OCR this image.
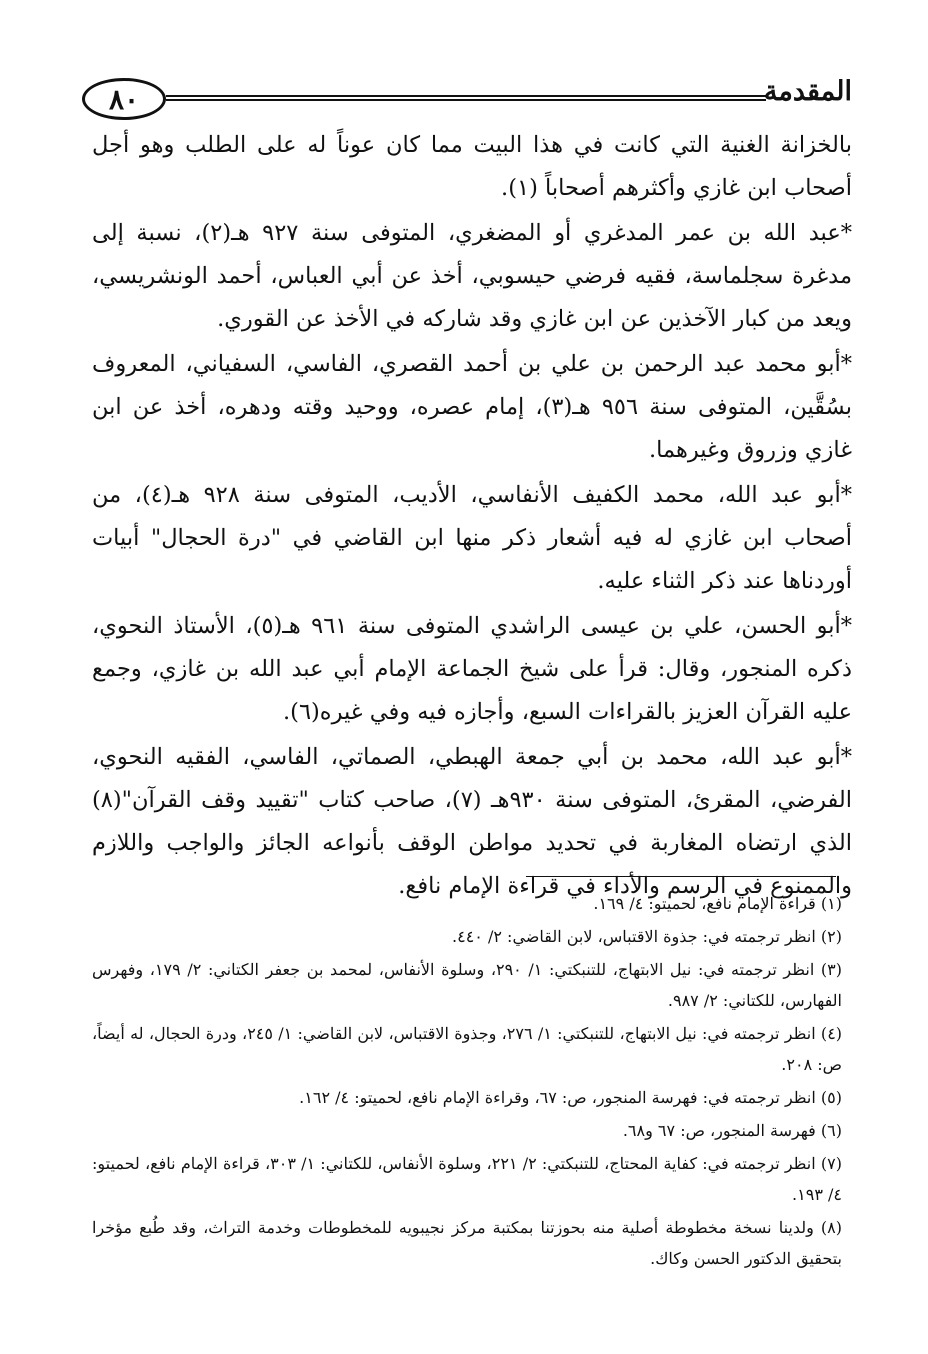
٨٠	المقدمة

بالخزانة الغنية التي كانت في هذا البيت مما كان عوناً له على الطلب وهو أجل أصحاب ابن غازي وأكثرهم أصحاباً (١).

*عبد الله بن عمر المدغري أو المضغري، المتوفى سنة ٩٢٧ هـ(٢)، نسبة إلى مدغرة سجلماسة، فقيه فرضي حيسوبي، أخذ عن أبي العباس، أحمد الونشريسي، ويعد من كبار الآخذين عن ابن غازي وقد شاركه في الأخذ عن القوري.

*أبو محمد عبد الرحمن بن علي بن أحمد القصري، الفاسي، السفياني، المعروف بسُقَّين، المتوفى سنة ٩٥٦ هـ(٣)، إمام عصره، ووحيد وقته ودهره، أخذ عن ابن غازي وزروق وغيرهما.

*أبو عبد الله، محمد الكفيف الأنفاسي، الأديب، المتوفى سنة ٩٢٨ هـ(٤)، من أصحاب ابن غازي له فيه أشعار ذكر منها ابن القاضي في "درة الحجال" أبيات أوردناها عند ذكر الثناء عليه.

*أبو الحسن، علي بن عيسى الراشدي المتوفى سنة ٩٦١ هـ(٥)، الأستاذ النحوي، ذكره المنجور، وقال: قرأ على شيخ الجماعة الإمام أبي عبد الله بن غازي، وجمع عليه القرآن العزيز بالقراءات السبع، وأجازه فيه وفي غيره(٦).

*أبو عبد الله، محمد بن أبي جمعة الهبطي، الصماتي، الفاسي، الفقيه النحوي، الفرضي، المقرئ، المتوفى سنة ٩٣٠هـ (٧)، صاحب كتاب "تقييد وقف القرآن"(٨) الذي ارتضاه المغاربة في تحديد مواطن الوقف بأنواعه الجائز والواجب واللازم والممنوع في الرسم والأداء في قراءة الإمام نافع.

(١) قراءة الإمام نافع، لحميتو: ٤/ ١٦٩.

(٢) انظر ترجمته في: جذوة الاقتباس، لابن القاضي: ٢/ ٤٤٠.

(٣) انظر ترجمته في: نيل الابتهاج، للتنبكتي: ١/ ٢٩٠، وسلوة الأنفاس، لمحمد بن جعفر الكتاني: ٢/ ١٧٩، وفهرس الفهارس، للكتاني: ٢/ ٩٨٧.

(٤) انظر ترجمته في: نيل الابتهاج، للتنبكتي: ١/ ٢٧٦، وجذوة الاقتباس، لابن القاضي: ١/ ٢٤٥، ودرة الحجال، له أيضاً، ص: ٢٠٨.

(٥) انظر ترجمته في: فهرسة المنجور، ص: ٦٧، وقراءة الإمام نافع، لحميتو: ٤/ ١٦٢.

(٦) فهرسة المنجور، ص: ٦٧ و٦٨.

(٧) انظر ترجمته في: كفاية المحتاج، للتنبكتي: ٢/ ٢٢١، وسلوة الأنفاس، للكتاني: ١/ ٣٠٣، قراءة الإمام نافع، لحميتو: ٤/ ١٩٣.

(٨) ولدينا نسخة مخطوطة أصلية منه بحوزتنا بمكتبة مركز نجيبويه للمخطوطات وخدمة التراث، وقد طُبع مؤخرا بتحقيق الدكتور الحسن وكاك.
